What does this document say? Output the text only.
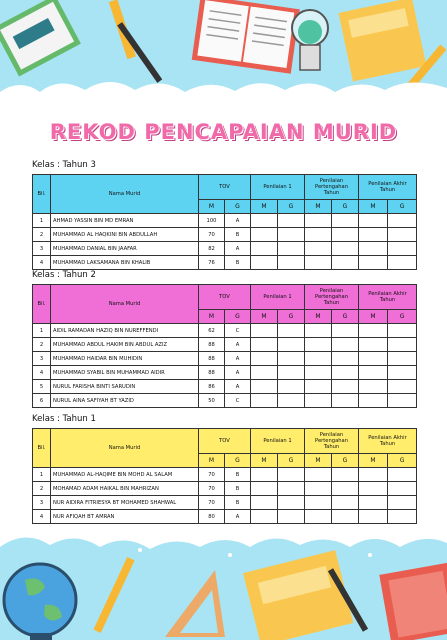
REKOD PENCAPAIAN MURID
Kelas : Tahun 3
Bil.	Nama Murid	TOV		Penilaian 1		Penilaian Pertengahan Tahun		Penilaian Akhir Tahun	
		M	G	M	G	M	G	M	G
1	AHMAD YASSIN BIN MD EMRAN	100	A						
2	MUHAMMAD AL HAQKINI BIN ABDULLAH	70	B						
3	MUHAMMAD DANIAL BIN JAAFAR	82	A						
4	MUHAMMAD LAKSAMANA BIN KHALIB	76	B						
Kelas : Tahun 2
Bil.	Nama Murid	TOV		Penilaian 1		Penilaian Pertengahan Tahun		Penilaian Akhir Tahun	
		M	G	M	G	M	G	M	G
1	AIDIL RAMADAN HAZIQ BIN NUREFFENDI	62	C						
2	MUHAMMAD ABDUL HAKIM BIN ABDUL AZIZ	88	A						
3	MUHAMMAD HAIDAR BIN MUHIDIN	88	A						
4	MUHAMMAD SYABIL BIN MUHAMMAD AIDIR	88	A						
5	NURUL FARISHA BINTI SARUDIN	86	A						
6	NURUL AINA SAFIYAH BT YAZID	50	C						
Kelas : Tahun 1
Bil.	Nama Murid	TOV		Penilaian 1		Penilaian Pertengahan Tahun		Penilaian Akhir Tahun	
		M	G	M	G	M	G	M	G
1	MUHAMMAD AL-HAQIME BIN MOHD AL SALAM	70	B						
2	MOHAMAD ADAM HAIKAL BIN MAHRIZAN	70	B						
3	NUR AIDIRA FITRIESYA BT MOHAMED SHAHWAL	70	B						
4	NUR AFIQAH BT AMRAN	80	A						
